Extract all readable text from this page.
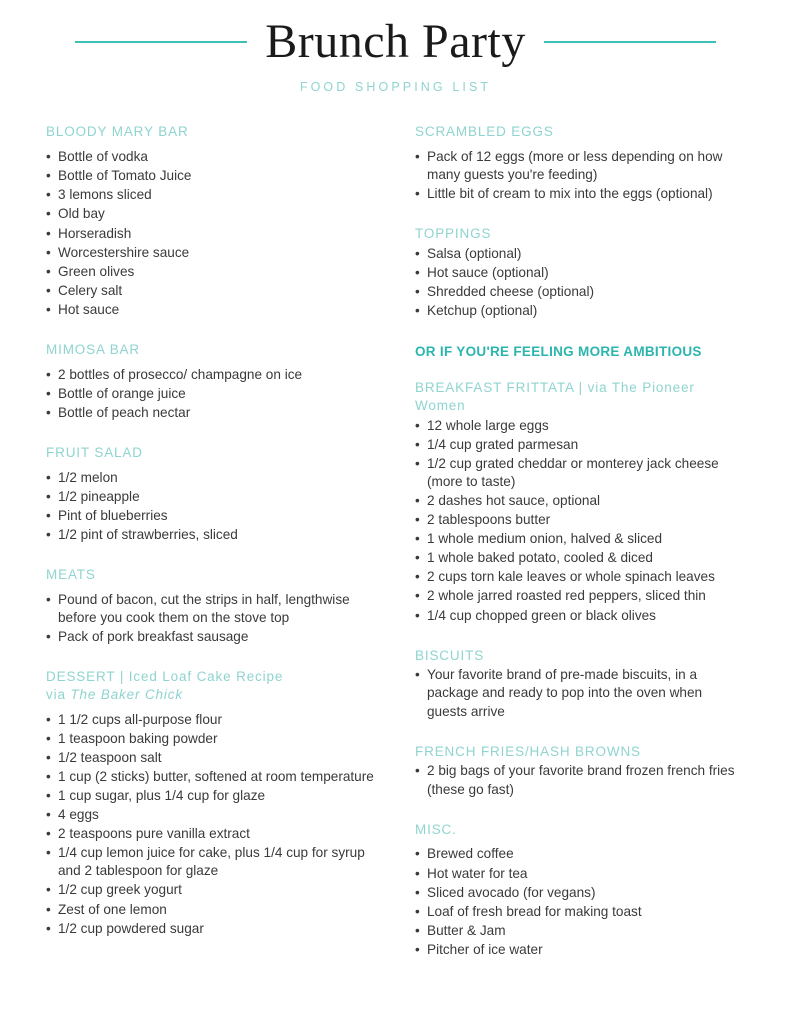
Brunch Party
FOOD SHOPPING LIST
BLOODY MARY BAR
• Bottle of vodka
• Bottle of Tomato Juice
• 3 lemons sliced
• Old bay
• Horseradish
• Worcestershire sauce
• Green olives
• Celery salt
• Hot sauce
MIMOSA BAR
• 2 bottles of prosecco/ champagne on ice
• Bottle of orange juice
• Bottle of peach nectar
FRUIT SALAD
• 1/2 melon
• 1/2 pineapple
• Pint of blueberries
• 1/2 pint of strawberries, sliced
MEATS
• Pound of bacon, cut the strips in half, lengthwise before you cook them on the stove top
• Pack of pork breakfast sausage
DESSERT | Iced Loaf Cake Recipe
via The Baker Chick
• 1 1/2 cups all-purpose flour
• 1 teaspoon baking powder
• 1/2 teaspoon salt
• 1 cup (2 sticks) butter, softened at room temperature
• 1 cup sugar, plus 1/4 cup for glaze
• 4 eggs
• 2 teaspoons pure vanilla extract
• 1/4 cup lemon juice for cake, plus 1/4 cup for syrup and 2 tablespoon for glaze
• 1/2 cup greek yogurt
• Zest of one lemon
• 1/2 cup powdered sugar
SCRAMBLED EGGS
• Pack of 12 eggs (more or less depending on how many guests you're feeding)
• Little bit of cream to mix into the eggs (optional)
TOPPINGS
• Salsa (optional)
• Hot sauce (optional)
• Shredded cheese (optional)
• Ketchup (optional)

OR IF YOU'RE FEELING MORE AMBITIOUS

BREAKFAST FRITTATA | via The Pioneer Women
• 12 whole large eggs
• 1/4 cup grated parmesan
• 1/2 cup grated cheddar or monterey jack cheese (more to taste)
• 2 dashes hot sauce, optional
• 2 tablespoons butter
• 1 whole medium onion, halved & sliced
• 1 whole baked potato, cooled & diced
• 2 cups torn kale leaves or whole spinach leaves
• 2 whole jarred roasted red peppers, sliced thin
• 1/4 cup chopped green or black olives
BISCUITS
• Your favorite brand of pre-made biscuits, in a package and ready to pop into the oven when guests arrive
FRENCH FRIES/HASH BROWNS
• 2 big bags of your favorite brand frozen french fries (these go fast)
MISC.
• Brewed coffee
• Hot water for tea
• Sliced avocado (for vegans)
• Loaf of fresh bread for making toast
• Butter & Jam
• Pitcher of ice water
